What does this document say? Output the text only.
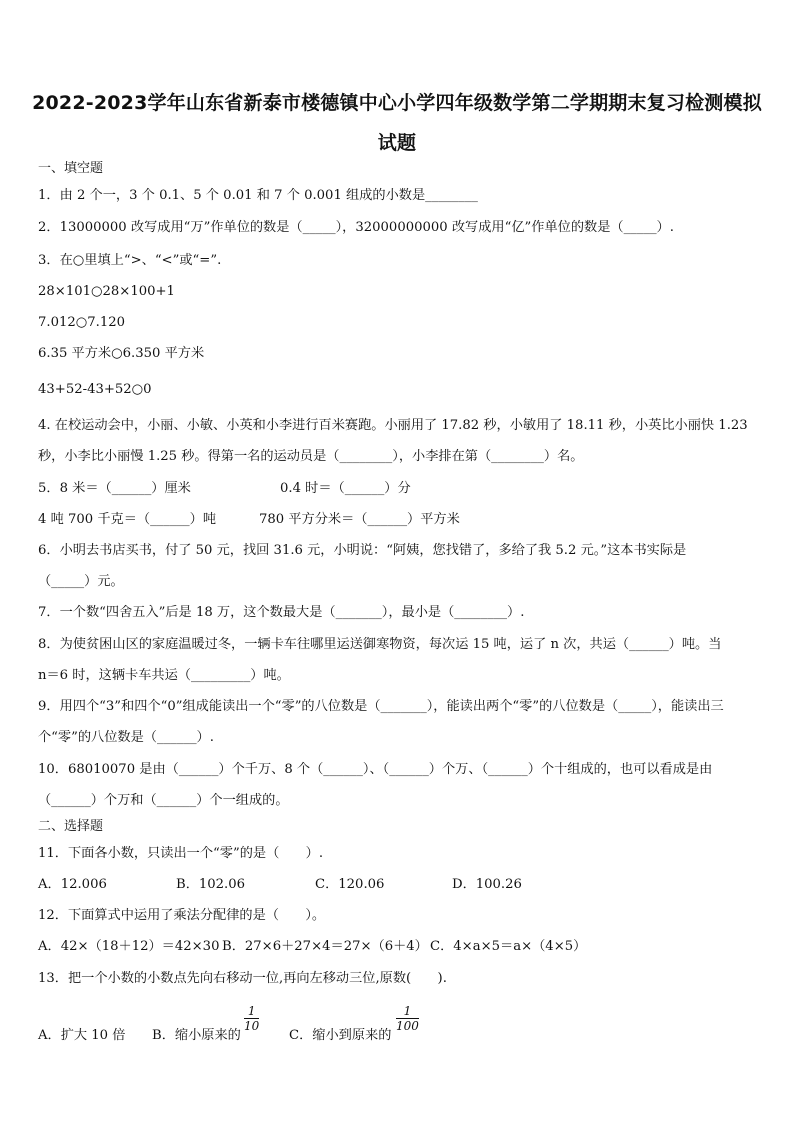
2022-2023学年山东省新泰市楼德镇中心小学四年级数学第二学期期末复习检测模拟
试题
一、填空题
1．由 2 个一，3 个 0.1、5 个 0.01 和 7 个 0.001 组成的小数是________
2．13000000 改写成用“万”作单位的数是（_____），32000000000 改写成用“亿”作单位的数是（_____）.
3．在○里填上“>、“<”或“=”.
28×101○28×100+1
7.012○7.120
6.35 平方米○6.350 平方米
43+52-43+52○0
4. 在校运动会中，小丽、小敏、小英和小李进行百米赛跑。小丽用了 17.82 秒，小敏用了 18.11 秒，小英比小丽快 1.23
秒，小李比小丽慢 1.25 秒。得第一名的运动员是（________），小李排在第（________）名。
5．8 米＝（______）厘米	0.4 时＝（______）分
4 吨 700 千克＝（______）吨	780 平方分米＝（______）平方米
6．小明去书店买书，付了 50 元，找回 31.6 元，小明说：“阿姨，您找错了，多给了我 5.2 元。”这本书实际是
（_____）元。
7．一个数“四舍五入”后是 18 万，这个数最大是（_______），最小是（________）.
8．为使贫困山区的家庭温暖过冬，一辆卡车往哪里运送御寒物资，每次运 15 吨，运了 n 次，共运（______）吨。当
n＝6 时，这辆卡车共运（_________）吨。
9．用四个“3”和四个“0”组成能读出一个“零”的八位数是（_______），能读出两个“零”的八位数是（_____），能读出三
个“零”的八位数是（______）.
10．68010070 是由（______）个千万、8 个（______）、（______）个万、（______）个十组成的，也可以看成是由
（______）个万和（______）个一组成的。
二、选择题
11．下面各小数，只读出一个“零”的是（　　）.
A．12.006	B．102.06	C．120.06	D．100.26
12．下面算式中运用了乘法分配律的是（　　）。
A．42×（18＋12）＝42×30 B．27×6＋27×4＝27×（6＋4） C．4×a×5＝a×（4×5）
13．把一个小数的小数点先向右移动一位,再向左移动三位,原数(　　).
A．扩大 10 倍 B．缩小原来的
$\frac{1}{10}$
C．缩小到原来的
$\frac{1}{100}$
